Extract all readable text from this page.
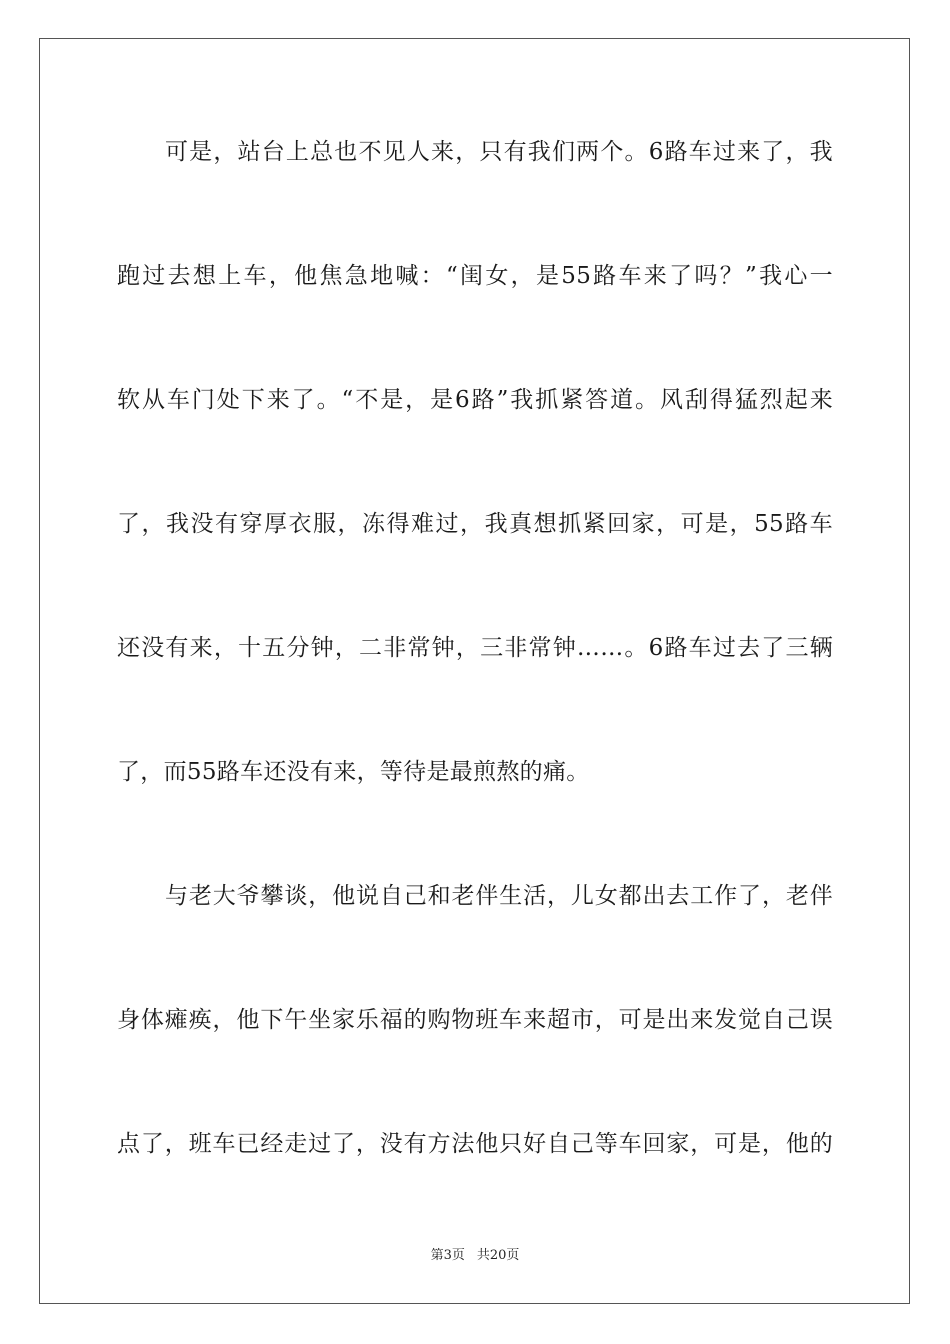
可是，站台上总也不见人来，只有我们两个。6路车过来了，我
跑过去想上车，他焦急地喊：“闺女，是55路车来了吗？”我心一
软从车门处下来了。“不是，是6路”我抓紧答道。风刮得猛烈起来
了，我没有穿厚衣服，冻得难过，我真想抓紧回家，可是，55路车
还没有来，十五分钟，二非常钟，三非常钟……。6路车过去了三辆
了，而55路车还没有来，等待是最煎熬的痛。
与老大爷攀谈，他说自己和老伴生活，儿女都出去工作了，老伴
身体瘫痪，他下午坐家乐福的购物班车来超市，可是出来发觉自己误
点了，班车已经走过了，没有方法他只好自己等车回家，可是，他的
第3页 共20页
